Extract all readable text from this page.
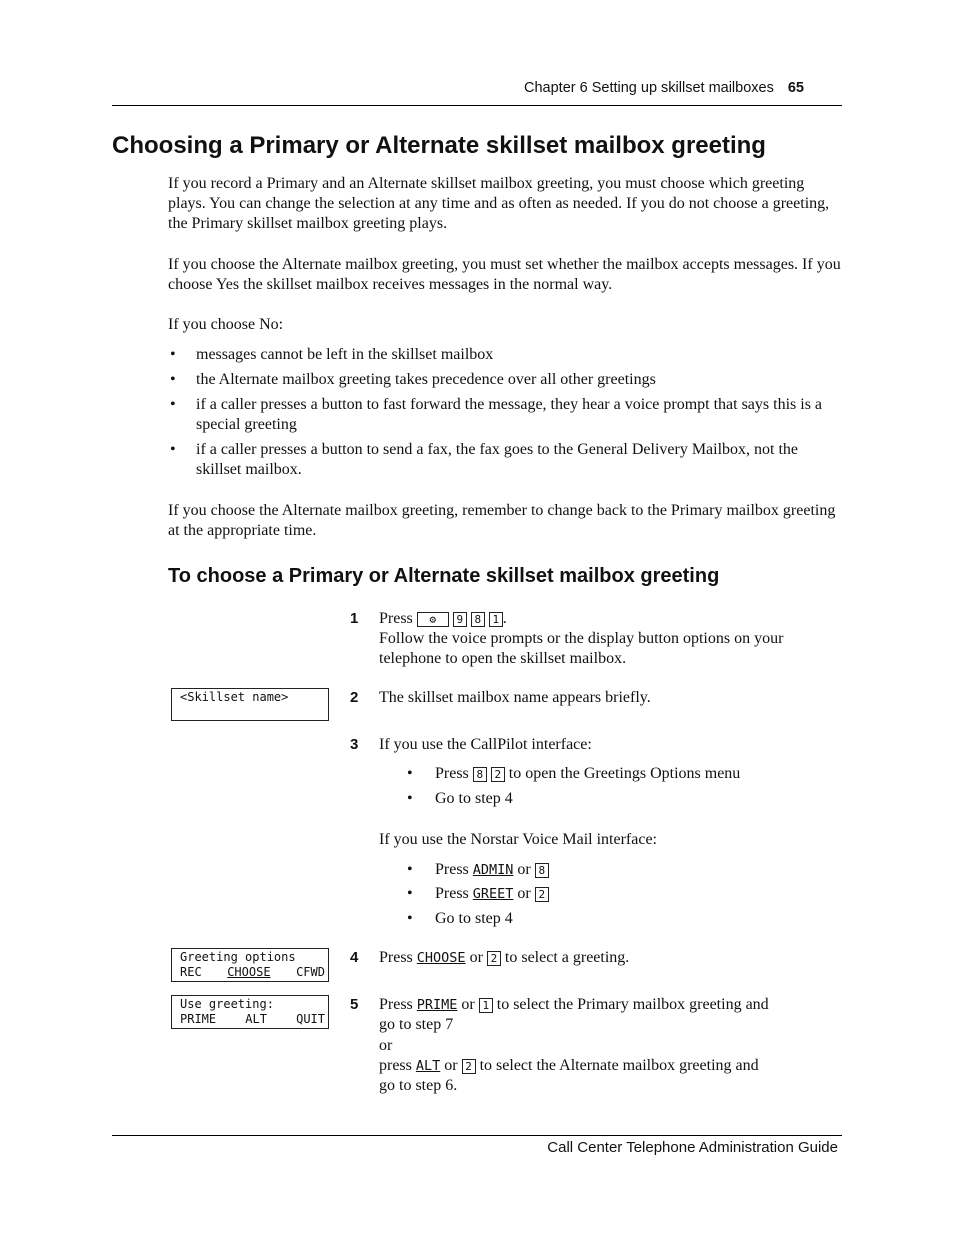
Chapter 6 Setting up skillset mailboxes 65
Choosing a Primary or Alternate skillset mailbox greeting

If you record a Primary and an Alternate skillset mailbox greeting, you must choose which greeting plays. You can change the selection at any time and as often as needed. If you do not choose a greeting, the Primary skillset mailbox greeting plays.

If you choose the Alternate mailbox greeting, you must set whether the mailbox accepts messages. If you choose Yes the skillset mailbox receives messages in the normal way.

If you choose No:

• messages cannot be left in the skillset mailbox
• the Alternate mailbox greeting takes precedence over all other greetings
• if a caller presses a button to fast forward the message, they hear a voice prompt that says this is a special greeting
• if a caller presses a button to send a fax, the fax goes to the General Delivery Mailbox, not the skillset mailbox.

If you choose the Alternate mailbox greeting, remember to change back to the Primary mailbox greeting at the appropriate time.

To choose a Primary or Alternate skillset mailbox greeting
1 Press ⚙ 9 8 1 .
Follow the voice prompts or the display button options on your telephone to open the skillset mailbox.
<Skillset name>	2 The skillset mailbox name appears briefly.
3 If you use the CallPilot interface:
• Press 8 2 to open the Greetings Options menu
• Go to step 4
If you use the Norstar Voice Mail interface:
• Press ADMIN or 8
• Press GREET or 2
• Go to step 4
Greeting options
REC CHOOSE CFWD
4 Press CHOOSE or 2 to select a greeting.
Use greeting:
PRIME ALT QUIT
5 Press PRIME or 1 to select the Primary mailbox greeting and
go to step 7
or
press ALT or 2 to select the Alternate mailbox greeting and
go to step 6.
Call Center Telephone Administration Guide
